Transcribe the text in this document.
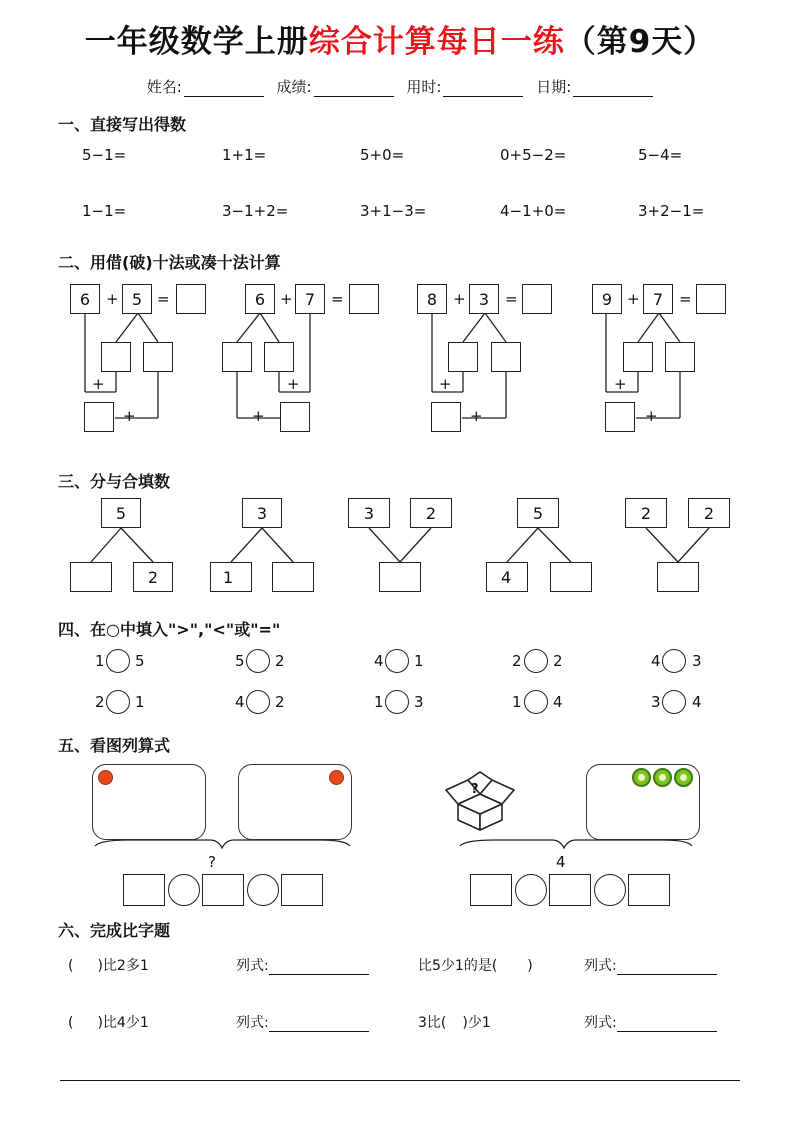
一年级数学上册综合计算每日一练（第9天）
姓名:	成绩:	用时:	日期:
一、直接写出得数
5−1=	1+1=	5+0=	0+5−2=	5−4=
1−1=	3−1+2=	3+1−3=	4−1+0=	3+2−1=
二、用借(破)十法或凑十法计算
6	+ 5 =
+
+
6 + 7	=
+
+
8	+ 3	=
+
+
9 + 7	=
+
+
三、分与合填数
5
2
3
1
3	2	5
4
2	2
四、在○中填入">","<"或"="
1 5	5 2	4 1	2 2	4 3
2 1	4 2	1 3	1 4	3 4
五、看图列算式
?
?	4
六、完成比字题
( )比2多1	列式:	比5少1的是( )	列式:
( )比4少1	列式:	3比( )少1	列式:
